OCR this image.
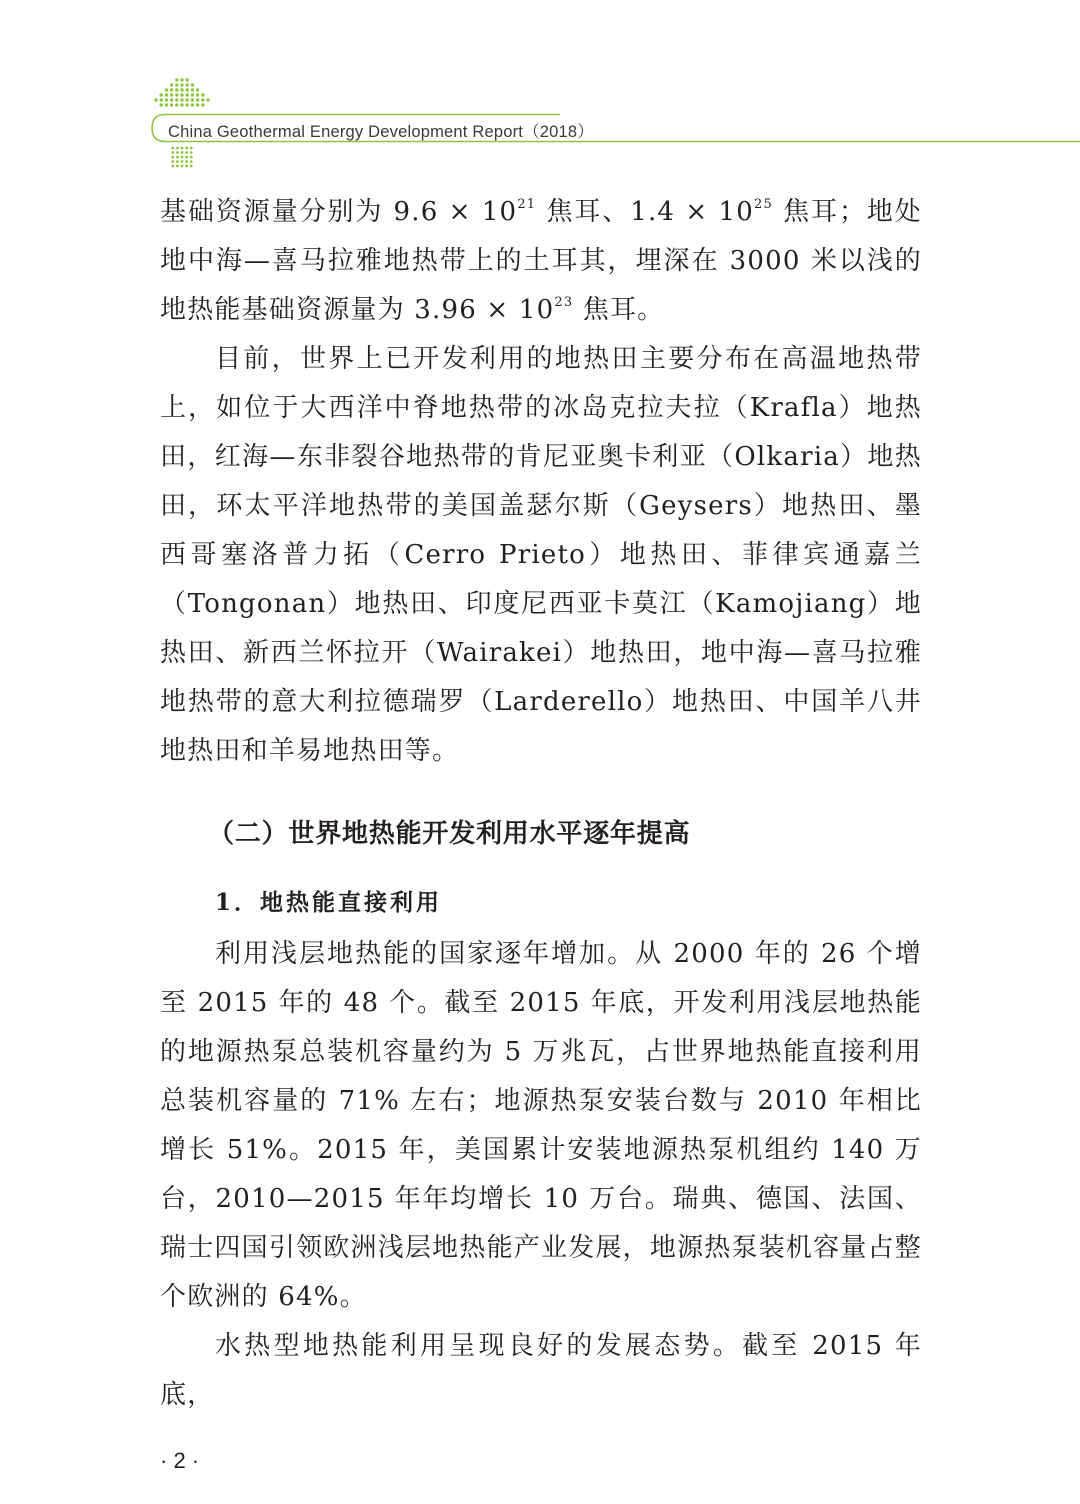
China Geothermal Energy Development Report（2018）

基础资源量分别为 $9.6 \times 10^{21}$ 焦耳、$1.4 \times 10^{25}$ 焦耳；地处地中海—喜马拉雅地热带上的土耳其，埋深在 3000 米以浅的地热能基础资源量为 $3.96 \times 10^{23}$ 焦耳。

目前，世界上已开发利用的地热田主要分布在高温地热带上，如位于大西洋中脊地热带的冰岛克拉夫拉（Krafla）地热田，红海—东非裂谷地热带的肯尼亚奥卡利亚（Olkaria）地热田，环太平洋地热带的美国盖瑟尔斯（Geysers）地热田、墨西哥塞洛普力拓（Cerro Prieto）地热田、菲律宾通嘉兰（Tongonan）地热田、印度尼西亚卡莫江（Kamojiang）地热田、新西兰怀拉开（Wairakei）地热田，地中海—喜马拉雅地热带的意大利拉德瑞罗（Larderello）地热田、中国羊八井地热田和羊易地热田等。

（二）世界地热能开发利用水平逐年提高
1．地热能直接利用

利用浅层地热能的国家逐年增加。从 2000 年的 26 个增至 2015 年的 48 个。截至 2015 年底，开发利用浅层地热能的地源热泵总装机容量约为 5 万兆瓦，占世界地热能直接利用总装机容量的 71% 左右；地源热泵安装台数与 2010 年相比增长 51%。2015 年，美国累计安装地源热泵机组约 140 万台，2010—2015 年年均增长 10 万台。瑞典、德国、法国、瑞士四国引领欧洲浅层地热能产业发展，地源热泵装机容量占整个欧洲的 64%。

水热型地热能利用呈现良好的发展态势。截至 2015 年底，

· 2 ·
